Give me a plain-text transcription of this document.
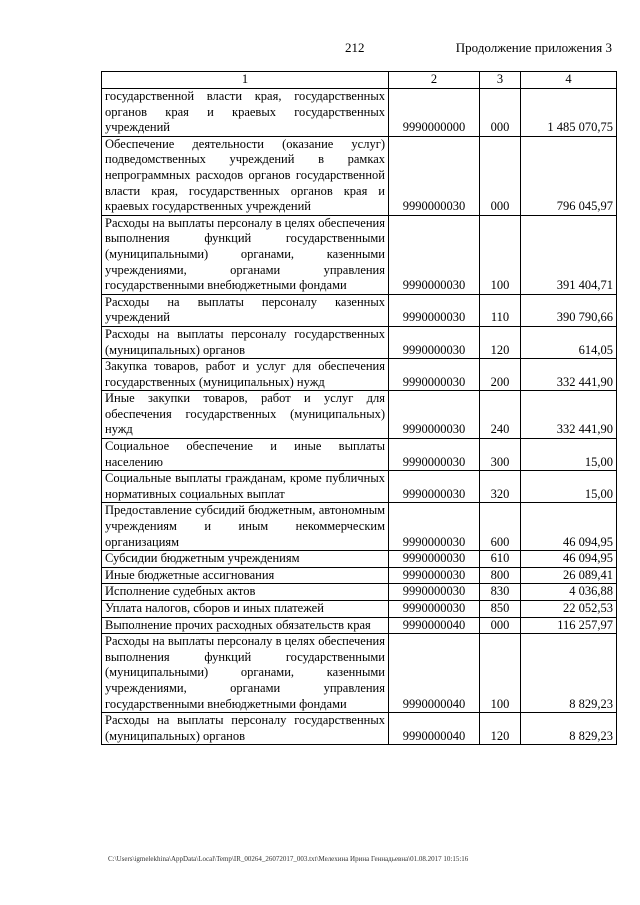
212	Продолжение приложения 3
1	2	3	4
государственной власти края, государственных органов края и краевых государственных учреждений	9990000000	000	1 485 070,75
Обеспечение деятельности (оказание услуг) подведомственных учреждений в рамках непрограммных расходов органов государственной власти края, государственных органов края и краевых государственных учреждений	9990000030	000	796 045,97
Расходы на выплаты персоналу в целях обеспечения выполнения функций государственными (муниципальными) органами, казенными учреждениями, органами управления государственными внебюджетными фондами	9990000030	100	391 404,71
Расходы на выплаты персоналу казенных учреждений	9990000030	110	390 790,66
Расходы на выплаты персоналу государственных (муниципальных) органов	9990000030	120	614,05
Закупка товаров, работ и услуг для обеспечения государственных (муниципальных) нужд	9990000030	200	332 441,90
Иные закупки товаров, работ и услуг для обеспечения государственных (муниципальных) нужд	9990000030	240	332 441,90
Социальное обеспечение и иные выплаты населению	9990000030	300	15,00
Социальные выплаты гражданам, кроме публичных нормативных социальных выплат	9990000030	320	15,00
Предоставление субсидий бюджетным, автономным учреждениям и иным некоммерческим организациям	9990000030	600	46 094,95
Субсидии бюджетным учреждениям	9990000030	610	46 094,95
Иные бюджетные ассигнования	9990000030	800	26 089,41
Исполнение судебных актов	9990000030	830	4 036,88
Уплата налогов, сборов и иных платежей	9990000030	850	22 052,53
Выполнение прочих расходных обязательств края	9990000040	000	116 257,97
Расходы на выплаты персоналу в целях обеспечения выполнения функций государственными (муниципальными) органами, казенными учреждениями, органами управления государственными внебюджетными фондами	9990000040	100	8 829,23
Расходы на выплаты персоналу государственных (муниципальных) органов	9990000040	120	8 829,23
C:\Users\igmelekhina\AppData\Local\Temp\IR_00264_26072017_003.txt\Мелехина Ирина Геннадьевна\01.08.2017 10:15:16
